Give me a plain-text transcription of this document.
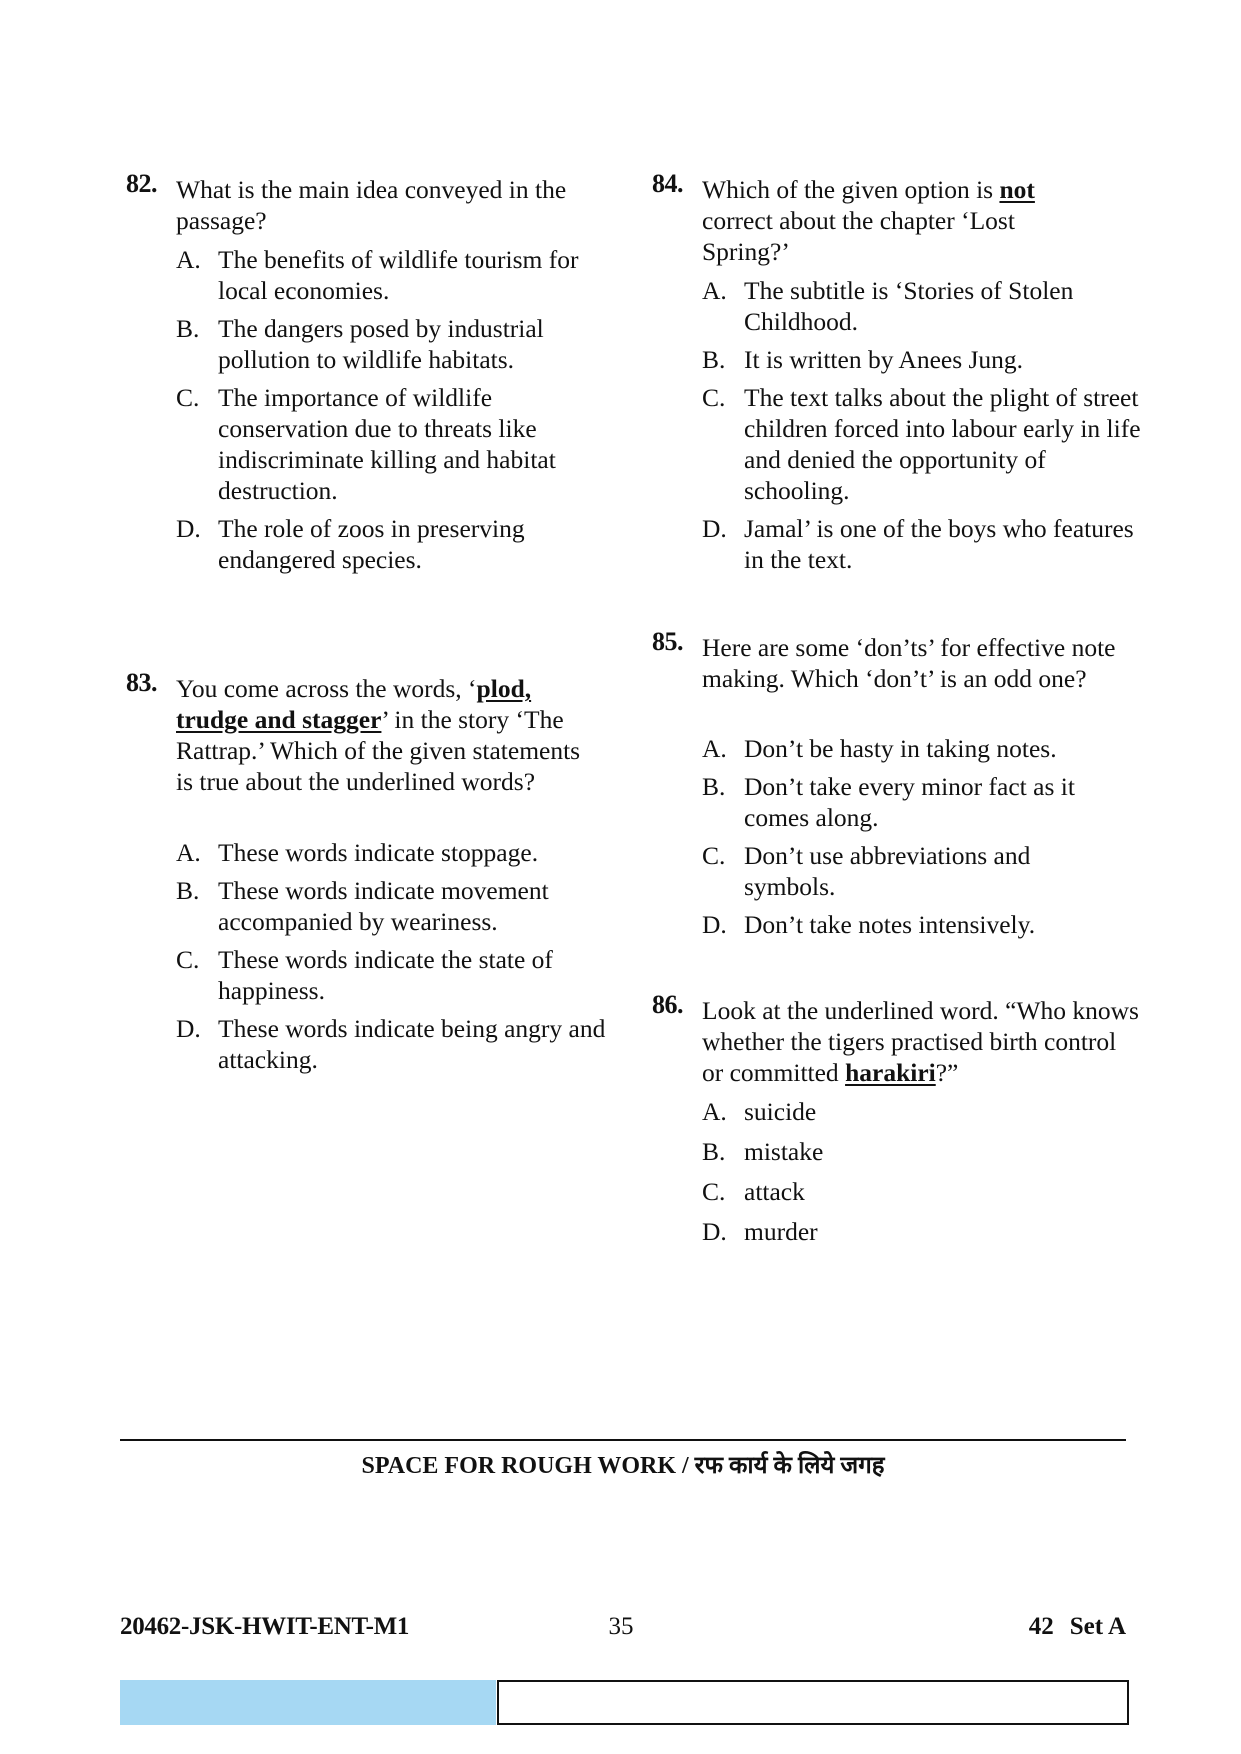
82. What is the main idea conveyed in the passage?
A. The benefits of wildlife tourism for local economies.
B. The dangers posed by industrial pollution to wildlife habitats.
C. The importance of wildlife conservation due to threats like indiscriminate killing and habitat destruction.
D. The role of zoos in preserving endangered species.
83. You come across the words, ‘plod, trudge and stagger’ in the story ‘The Rattrap.’ Which of the given statements is true about the underlined words?
A. These words indicate stoppage.
B. These words indicate movement accompanied by weariness.
C. These words indicate the state of happiness.
D. These words indicate being angry and attacking.
84. Which of the given option is not correct about the chapter ‘Lost Spring?’
A. The subtitle is ‘Stories of Stolen Childhood.
B. It is written by Anees Jung.
C. The text talks about the plight of street children forced into labour early in life and denied the opportunity of schooling.
D. Jamal’ is one of the boys who features in the text.
85. Here are some ‘don’ts’ for effective note making. Which ‘don’t’ is an odd one?
A. Don’t be hasty in taking notes.
B. Don’t take every minor fact as it comes along.
C. Don’t use abbreviations and symbols.
D. Don’t take notes intensively.
86. Look at the underlined word. “Who knows whether the tigers practised birth control or committed harakiri?”
A. suicide
B. mistake
C. attack
D. murder
SPACE FOR ROUGH WORK / रफ कार्य के लिये जगह
20462-JSK-HWIT-ENT-M1	35	42 Set A
